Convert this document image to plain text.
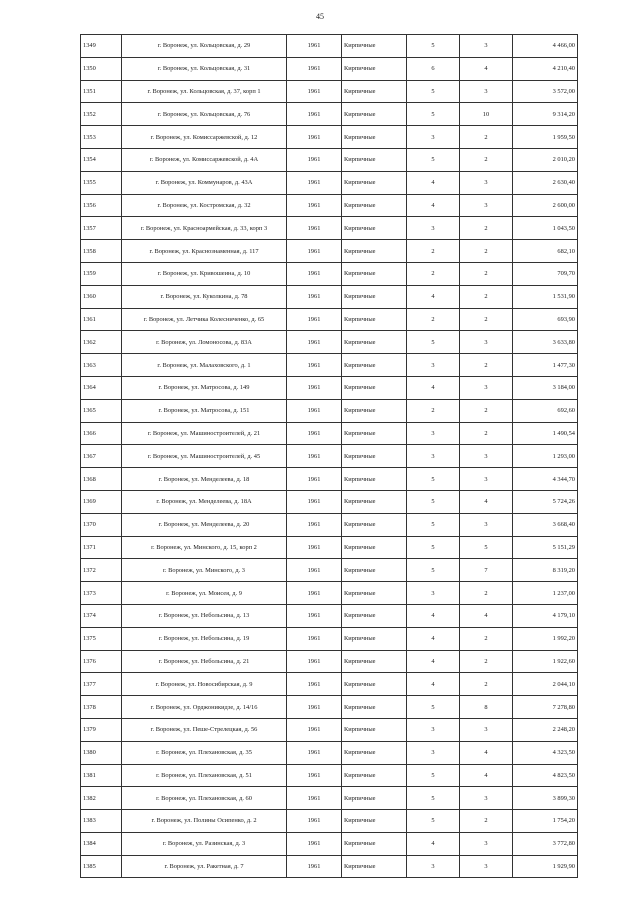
45
1349	г. Воронеж, ул. Кольцовская, д. 29	1961	Кирпичные	5	3	4 466,00
1350	г. Воронеж, ул. Кольцовская, д. 31	1961	Кирпичные	6	4	4 210,40
1351	г. Воронеж, ул. Кольцовская, д. 37, корп 1	1961	Кирпичные	5	3	3 572,00
1352	г. Воронеж, ул. Кольцовская, д. 76	1961	Кирпичные	5	10	9 314,20
1353	г. Воронеж, ул. Комиссаржевской, д. 12	1961	Кирпичные	3	2	1 959,50
1354	г. Воронеж, ул. Комиссаржевской, д. 4А	1961	Кирпичные	5	2	2 010,20
1355	г. Воронеж, ул. Коммунаров, д. 43А	1961	Кирпичные	4	3	2 630,40
1356	г. Воронеж, ул. Костромская, д. 32	1961	Кирпичные	4	3	2 600,00
1357	г. Воронеж, ул. Красноармейская, д. 33, корп 3	1961	Кирпичные	3	2	1 043,50
1358	г. Воронеж, ул. Краснознаменная, д. 117	1961	Кирпичные	2	2	682,10
1359	г. Воронеж, ул. Кривошеина, д. 10	1961	Кирпичные	2	2	709,70
1360	г. Воронеж, ул. Куколкина, д. 78	1961	Кирпичные	4	2	1 531,90
1361	г. Воронеж, ул. Летчика Колесниченко, д. 65	1961	Кирпичные	2	2	693,90
1362	г. Воронеж, ул. Ломоносова, д. 83А	1961	Кирпичные	5	3	3 633,80
1363	г. Воронеж, ул. Малаховского, д. 1	1961	Кирпичные	3	2	1 477,30
1364	г. Воронеж, ул. Матросова, д. 149	1961	Кирпичные	4	3	3 184,00
1365	г. Воронеж, ул. Матросова, д. 151	1961	Кирпичные	2	2	692,60
1366	г. Воронеж, ул. Машиностроителей, д. 21	1961	Кирпичные	3	2	1 490,54
1367	г. Воронеж, ул. Машиностроителей, д. 45	1961	Кирпичные	3	3	1 293,00
1368	г. Воронеж, ул. Менделеева, д. 18	1961	Кирпичные	5	3	4 344,70
1369	г. Воронеж, ул. Менделеева, д. 18А	1961	Кирпичные	5	4	5 724,26
1370	г. Воронеж, ул. Менделеева, д. 20	1961	Кирпичные	5	3	3 668,40
1371	г. Воронеж, ул. Минского, д. 15, корп 2	1961	Кирпичные	5	5	5 151,29
1372	г. Воронеж, ул. Минского, д. 3	1961	Кирпичные	5	7	8 319,20
1373	г. Воронеж, ул. Моисея, д. 9	1961	Кирпичные	3	2	1 237,00
1374	г. Воронеж, ул. Небольсина, д. 13	1961	Кирпичные	4	4	4 179,10
1375	г. Воронеж, ул. Небольсина, д. 19	1961	Кирпичные	4	2	1 992,20
1376	г. Воронеж, ул. Небольсина, д. 21	1961	Кирпичные	4	2	1 922,60
1377	г. Воронеж, ул. Новосибирская, д. 9	1961	Кирпичные	4	2	2 044,10
1378	г. Воронеж, ул. Орджоникидзе, д. 14/16	1961	Кирпичные	5	8	7 278,80
1379	г. Воронеж, ул. Пеше-Стрелецкая, д. 56	1961	Кирпичные	3	3	2 248,20
1380	г. Воронеж, ул. Плехановская, д. 35	1961	Кирпичные	3	4	4 323,50
1381	г. Воронеж, ул. Плехановская, д. 51	1961	Кирпичные	5	4	4 823,50
1382	г. Воронеж, ул. Плехановская, д. 60	1961	Кирпичные	5	3	3 899,30
1383	г. Воронеж, ул. Полины Осипенко, д. 2	1961	Кирпичные	5	2	1 754,20
1384	г. Воронеж, ул. Разинская, д. 3	1961	Кирпичные	4	3	3 772,80
1385	г. Воронеж, ул. Ракетная, д. 7	1961	Кирпичные	3	3	1 929,90
